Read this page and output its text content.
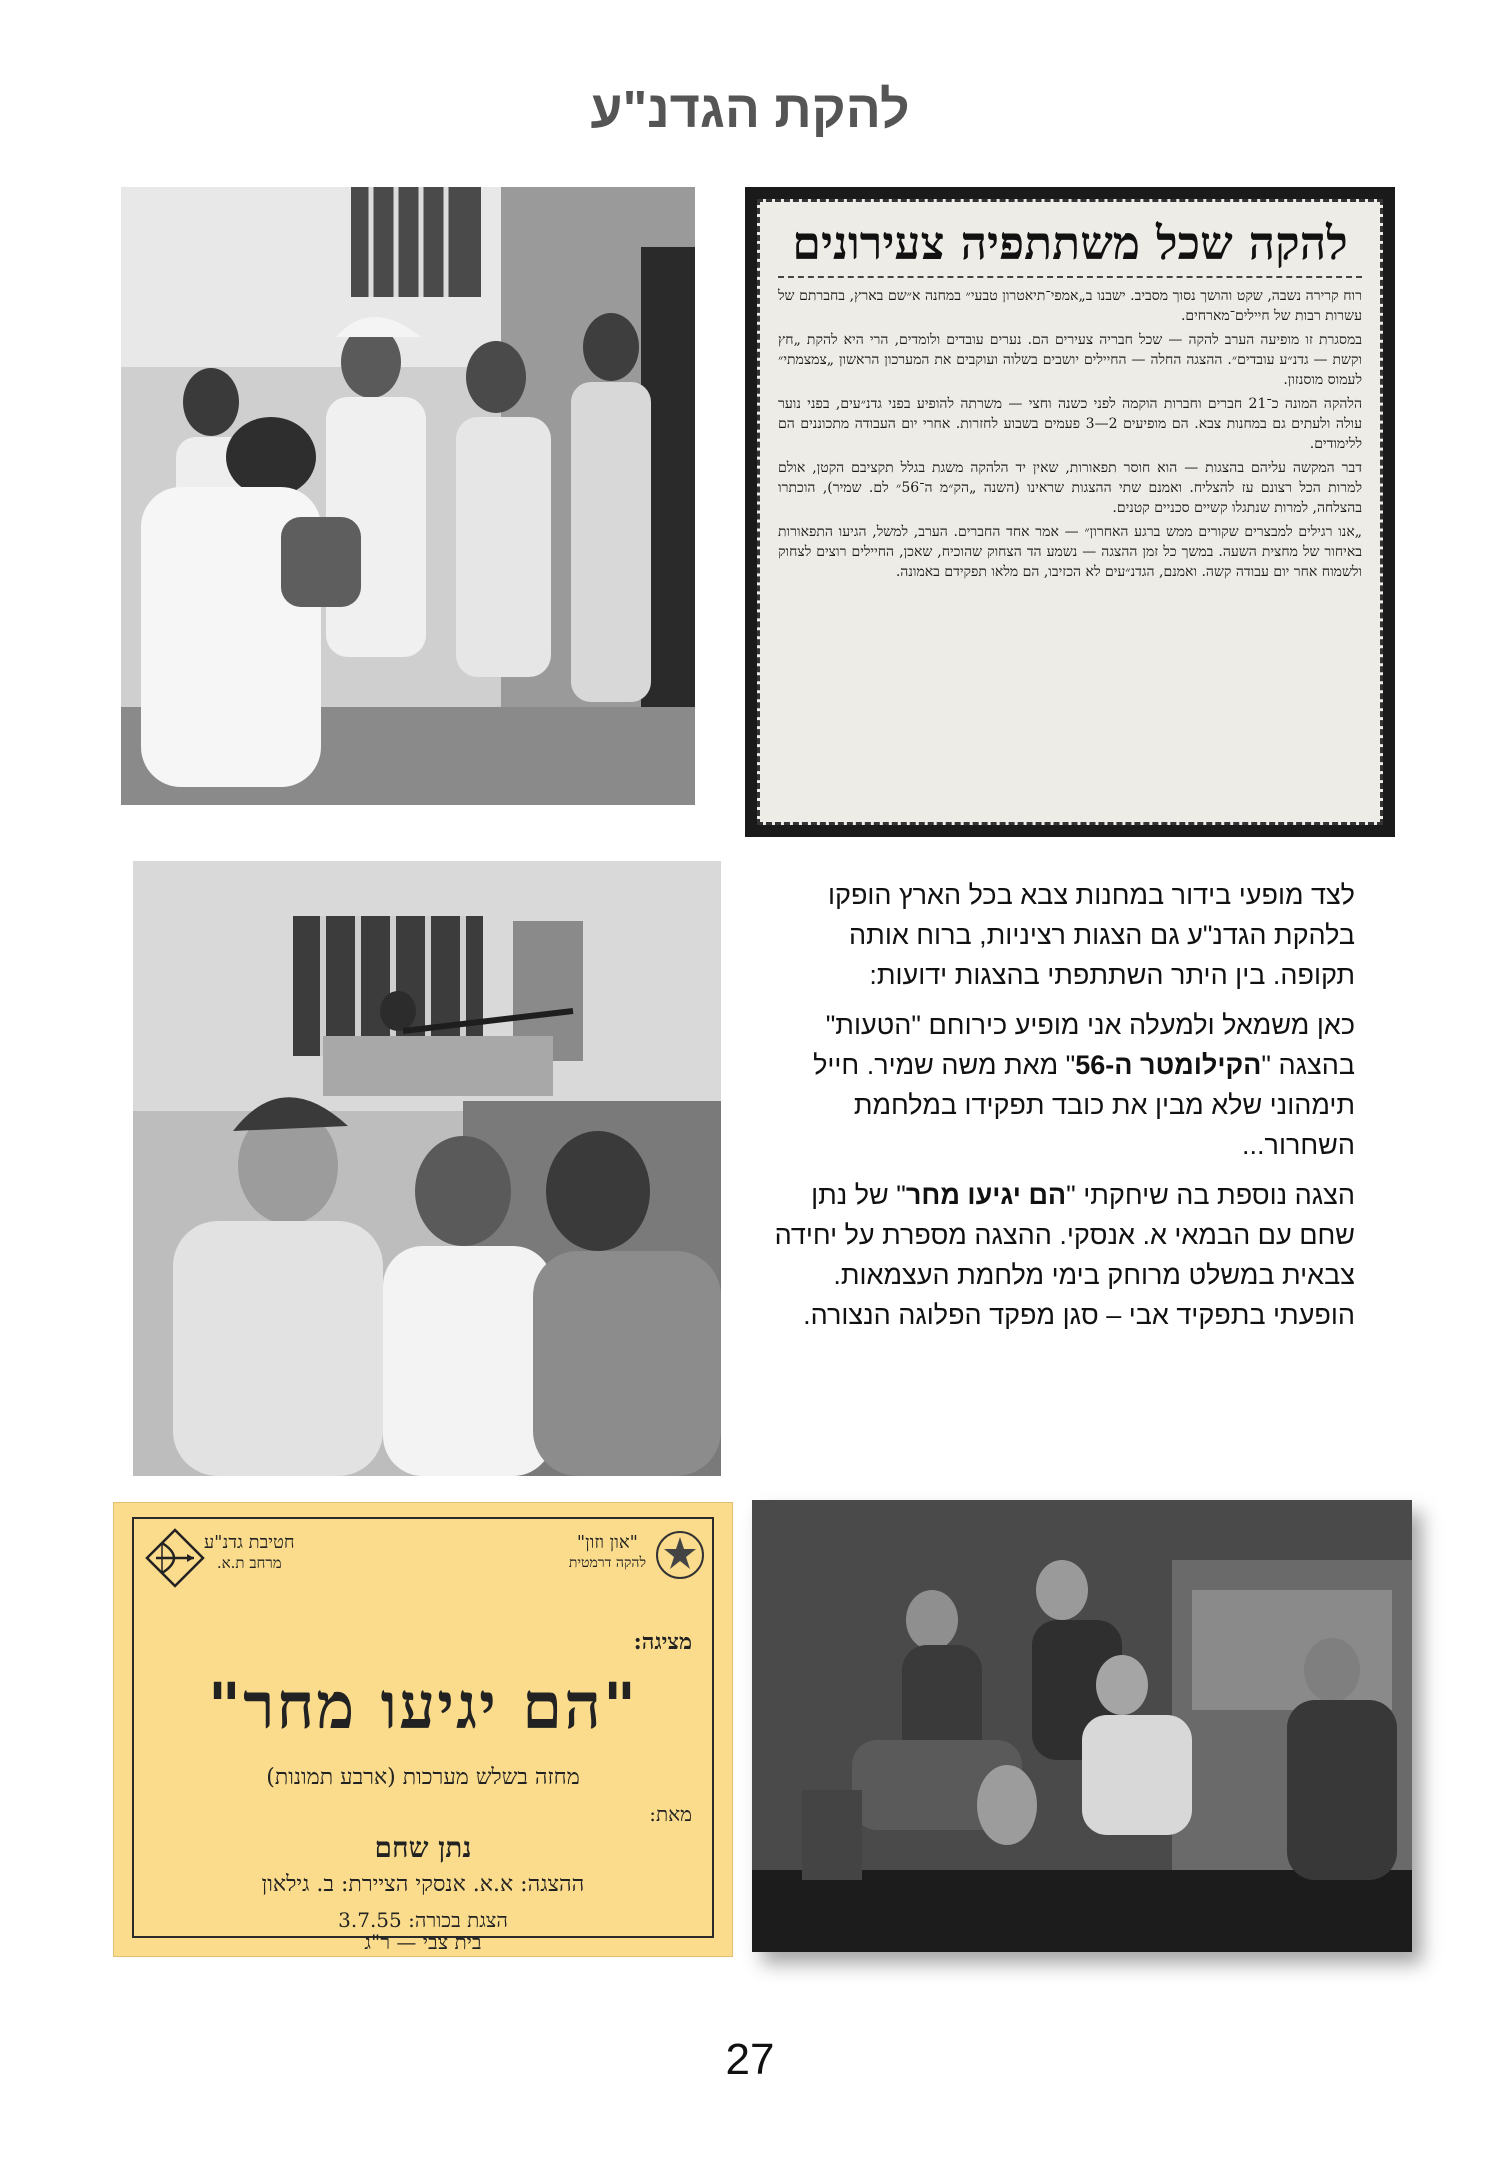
להקת הגדנ"ע
להקה שכל משתתפיה צעירונים

רוח קרירה נשבה, שקט והושך נסוך מסביב. ישבנו ב„אמפי־תיאטרון טבעי״ במחנה א״שם בארץ, בחברתם של עשרות רבות של חיילים־מארחים.

במסגרת זו מופיעה הערב להקה — שכל חבריה צעירים הם. נערים עובדים ולומדים, הרי היא להקת „חץ וקשת — גדנ״ע עובדים״. ההצגה החלה — החיילים יושבים בשלוה ועוקבים את המערכון הראשון „צמצמתי״ לעמוס מוסנזון.

הלהקה המונה כ־21 חברים וחברות הוקמה לפני כשנה וחצי — משרתה להופיע בפני גדנ״עים, בפני נוער עולה ולעתים גם במחנות צבא. הם מופיעים 2—3 פעמים בשבוע לחזרות. אחרי יום העבודה מתכוננים הם ללימודים.

דבר המקשה עליהם בהצגות — הוא חוסר תפאורות, שאין יד הלהקה משגת בגלל תקציבם הקטן, אולם למרות הכל רצונם עז להצליח. ואמנם שתי ההצגות שראינו (השנה „הק״מ ה־56״ לם. שמיר), הוכתרו בהצלחה, למרות שנתגלו קשיים סכניים קטנים.

„אנו רגילים למבצרים שקורים ממש ברגע האחרון״ — אמר אחד החברים. הערב, למשל, הגיעו התפאורות באיחור של מחצית השעה. במשך כל זמן ההצגה — נשמע הד הצחוק שהוכיח, שאכן, החיילים רוצים לצחוק ולשמוח אחר יום עבודה קשה. ואמנם, הגדנ״עים לא הכזיבו, הם מלאו תפקידם באמונה.

לצד מופעי בידור במחנות צבא בכל הארץ הופקו בלהקת הגדנ"ע גם הצגות רציניות, ברוח אותה תקופה. בין היתר השתתפתי בהצגות ידועות:

כאן משמאל ולמעלה אני מופיע כירוחם "הטעות" בהצגה "הקילומטר ה-56" מאת משה שמיר. חייל תימהוני שלא מבין את כובד תפקידו במלחמת השחרור...

הצגה נוספת בה שיחקתי "הם יגיעו מחר" של נתן שחם עם הבמאי א. אנסקי. ההצגה מספרת על יחידה צבאית במשלט מרוחק בימי מלחמת העצמאות. הופעתי בתפקיד אבי – סגן מפקד הפלוגה הנצורה.

"און וזון"
להקה דרמטית
חטיבת גדנ"ע
מרחב ת.א.
מציגה:
"הם יגיעו מחר"
מחזה בשלש מערכות (ארבע תמונות)
מאת:
נתן שחם
ההצגה: א.א. אנסקי הציירת: ב. גילאון
הצגת בכורה: 3.7.55
בית צבי — ר"ג
27
